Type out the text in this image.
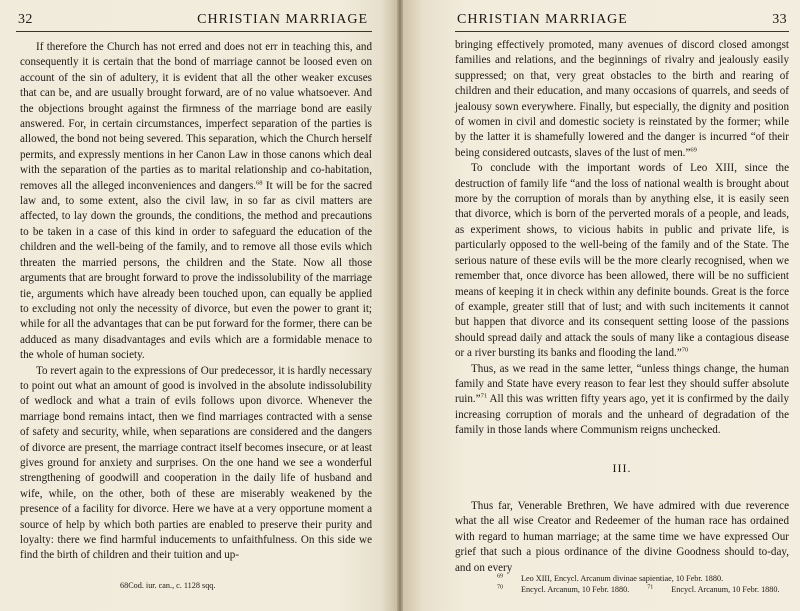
32	CHRISTIAN MARRIAGE

If therefore the Church has not erred and does not err in teaching this, and consequently it is certain that the bond of marriage cannot be loosed even on account of the sin of adultery, it is evident that all the other weaker excuses that can be, and are usually brought forward, are of no value whatsoever. And the objections brought against the firmness of the marriage bond are easily answered. For, in certain circumstances, imperfect separation of the parties is allowed, the bond not being severed. This separation, which the Church herself permits, and expressly mentions in her Canon Law in those canons which deal with the separation of the parties as to marital relationship and co-habitation, removes all the alleged inconveniences and dangers.$^{68}$ It will be for the sacred law and, to some extent, also the civil law, in so far as civil matters are affected, to lay down the grounds, the conditions, the method and precautions to be taken in a case of this kind in order to safeguard the education of the children and the well-being of the family, and to remove all those evils which threaten the married persons, the children and the State. Now all those arguments that are brought forward to prove the indissolubility of the marriage tie, arguments which have already been touched upon, can equally be applied to excluding not only the necessity of divorce, but even the power to grant it; while for all the advantages that can be put forward for the former, there can be adduced as many disadvantages and evils which are a formidable menace to the whole of human society.

To revert again to the expressions of Our predecessor, it is hardly necessary to point out what an amount of good is involved in the absolute indissolubility of wedlock and what a train of evils follows upon divorce. Whenever the marriage bond remains intact, then we find marriages contracted with a sense of safety and security, while, when separations are considered and the dangers of divorce are present, the marriage contract itself becomes insecure, or at least gives ground for anxiety and surprises. On the one hand we see a wonderful strengthening of goodwill and cooperation in the daily life of husband and wife, while, on the other, both of these are miserably weakened by the presence of a facility for divorce. Here we have at a very opportune moment a source of help by which both parties are enabled to preserve their purity and loyalty: there we find harmful inducements to unfaithfulness. On this side we find the birth of children and their tuition and up-

68Cod. iur. can., c. 1128 sqq.
CHRISTIAN MARRIAGE	33

bringing effectively promoted, many avenues of discord closed amongst families and relations, and the beginnings of rivalry and jealously easily suppressed; on that, very great obstacles to the birth and rearing of children and their education, and many occasions of quarrels, and seeds of jealousy sown everywhere. Finally, but especially, the dignity and position of women in civil and domestic society is reinstated by the former; while by the latter it is shamefully lowered and the danger is incurred “of their being considered outcasts, slaves of the lust of men.”$^{69}$

To conclude with the important words of Leo XIII, since the destruction of family life “and the loss of national wealth is brought about more by the corruption of morals than by anything else, it is easily seen that divorce, which is born of the perverted morals of a people, and leads, as experiment shows, to vicious habits in public and private life, is particularly opposed to the well-being of the family and of the State. The serious nature of these evils will be the more clearly recognised, when we remember that, once divorce has been allowed, there will be no sufficient means of keeping it in check within any definite bounds. Great is the force of example, greater still that of lust; and with such incitements it cannot but happen that divorce and its consequent setting loose of the passions should spread daily and attack the souls of many like a contagious disease or a river bursting its banks and flooding the land.”$^{70}$

Thus, as we read in the same letter, “unless things change, the human family and State have every reason to fear lest they should suffer absolute ruin.”$^{71}$ All this was written fifty years ago, yet it is confirmed by the daily increasing corruption of morals and the unheard of degradation of the family in those lands where Communism reigns unchecked.

III.

Thus far, Venerable Brethren, We have admired with due reverence what the all wise Creator and Redeemer of the human race has ordained with regard to human marriage; at the same time we have expressed Our grief that such a pious ordinance of the divine Goodness should to-day, and on every

$^{69}$ Leo XIII, Encycl. Arcanum divinae sapientiae, 10 Febr. 1880.
$^{70}$ Encycl. Arcanum, 10 Febr. 1880.	$^{71}$ Encycl. Arcanum, 10 Febr. 1880.
